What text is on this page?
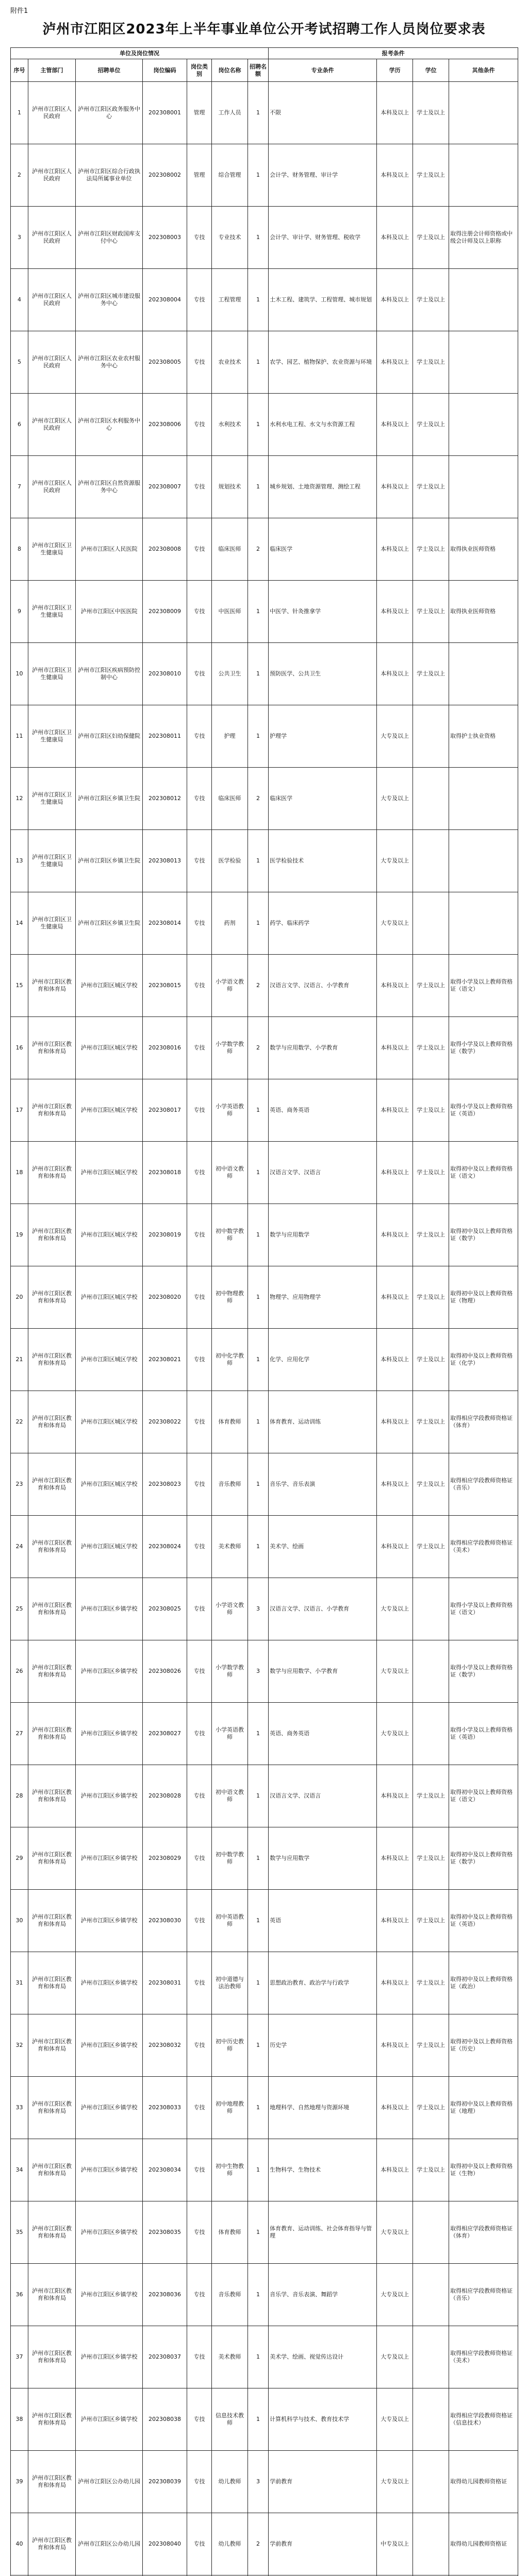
附件1
泸州市江阳区2023年上半年事业单位公开考试招聘工作人员岗位要求表
单位及岗位情况							报考条件			
序号	主管部门	招聘单位	岗位编码	岗位类别	岗位名称	招聘名额	专业条件	学历	学位	其他条件
1	泸州市江阳区人民政府	泸州市江阳区政务服务中心	202308001	管理	工作人员	1	不限	本科及以上	学士及以上	
2	泸州市江阳区人民政府	泸州市江阳区综合行政执法局所属事业单位	202308002	管理	综合管理	1	会计学、财务管理、审计学	本科及以上	学士及以上	
3	泸州市江阳区人民政府	泸州市江阳区财政国库支付中心	202308003	专技	专业技术	1	会计学、审计学、财务管理、税收学	本科及以上	学士及以上	取得注册会计师资格或中级会计师及以上职称
4	泸州市江阳区人民政府	泸州市江阳区城市建设服务中心	202308004	专技	工程管理	1	土木工程、建筑学、工程管理、城市规划	本科及以上	学士及以上	
5	泸州市江阳区人民政府	泸州市江阳区农业农村服务中心	202308005	专技	农业技术	1	农学、园艺、植物保护、农业资源与环境	本科及以上	学士及以上	
6	泸州市江阳区人民政府	泸州市江阳区水利服务中心	202308006	专技	水利技术	1	水利水电工程、水文与水资源工程	本科及以上	学士及以上	
7	泸州市江阳区人民政府	泸州市江阳区自然资源服务中心	202308007	专技	规划技术	1	城乡规划、土地资源管理、测绘工程	本科及以上	学士及以上	
8	泸州市江阳区卫生健康局	泸州市江阳区人民医院	202308008	专技	临床医师	2	临床医学	本科及以上	学士及以上	取得执业医师资格
9	泸州市江阳区卫生健康局	泸州市江阳区中医医院	202308009	专技	中医医师	1	中医学、针灸推拿学	本科及以上	学士及以上	取得执业医师资格
10	泸州市江阳区卫生健康局	泸州市江阳区疾病预防控制中心	202308010	专技	公共卫生	1	预防医学、公共卫生	本科及以上	学士及以上	
11	泸州市江阳区卫生健康局	泸州市江阳区妇幼保健院	202308011	专技	护理	1	护理学	大专及以上		取得护士执业资格
12	泸州市江阳区卫生健康局	泸州市江阳区乡镇卫生院	202308012	专技	临床医师	2	临床医学	大专及以上		
13	泸州市江阳区卫生健康局	泸州市江阳区乡镇卫生院	202308013	专技	医学检验	1	医学检验技术	大专及以上		
14	泸州市江阳区卫生健康局	泸州市江阳区乡镇卫生院	202308014	专技	药剂	1	药学、临床药学	大专及以上		
15	泸州市江阳区教育和体育局	泸州市江阳区城区学校	202308015	专技	小学语文教师	2	汉语言文学、汉语言、小学教育	本科及以上	学士及以上	取得小学及以上教师资格证（语文）
16	泸州市江阳区教育和体育局	泸州市江阳区城区学校	202308016	专技	小学数学教师	2	数学与应用数学、小学教育	本科及以上	学士及以上	取得小学及以上教师资格证（数学）
17	泸州市江阳区教育和体育局	泸州市江阳区城区学校	202308017	专技	小学英语教师	1	英语、商务英语	本科及以上	学士及以上	取得小学及以上教师资格证（英语）
18	泸州市江阳区教育和体育局	泸州市江阳区城区学校	202308018	专技	初中语文教师	1	汉语言文学、汉语言	本科及以上	学士及以上	取得初中及以上教师资格证（语文）
19	泸州市江阳区教育和体育局	泸州市江阳区城区学校	202308019	专技	初中数学教师	1	数学与应用数学	本科及以上	学士及以上	取得初中及以上教师资格证（数学）
20	泸州市江阳区教育和体育局	泸州市江阳区城区学校	202308020	专技	初中物理教师	1	物理学、应用物理学	本科及以上	学士及以上	取得初中及以上教师资格证（物理）
21	泸州市江阳区教育和体育局	泸州市江阳区城区学校	202308021	专技	初中化学教师	1	化学、应用化学	本科及以上	学士及以上	取得初中及以上教师资格证（化学）
22	泸州市江阳区教育和体育局	泸州市江阳区城区学校	202308022	专技	体育教师	1	体育教育、运动训练	本科及以上	学士及以上	取得相应学段教师资格证（体育）
23	泸州市江阳区教育和体育局	泸州市江阳区城区学校	202308023	专技	音乐教师	1	音乐学、音乐表演	本科及以上	学士及以上	取得相应学段教师资格证（音乐）
24	泸州市江阳区教育和体育局	泸州市江阳区城区学校	202308024	专技	美术教师	1	美术学、绘画	本科及以上	学士及以上	取得相应学段教师资格证（美术）
25	泸州市江阳区教育和体育局	泸州市江阳区乡镇学校	202308025	专技	小学语文教师	3	汉语言文学、汉语言、小学教育	大专及以上		取得小学及以上教师资格证（语文）
26	泸州市江阳区教育和体育局	泸州市江阳区乡镇学校	202308026	专技	小学数学教师	3	数学与应用数学、小学教育	大专及以上		取得小学及以上教师资格证（数学）
27	泸州市江阳区教育和体育局	泸州市江阳区乡镇学校	202308027	专技	小学英语教师	1	英语、商务英语	大专及以上		取得小学及以上教师资格证（英语）
28	泸州市江阳区教育和体育局	泸州市江阳区乡镇学校	202308028	专技	初中语文教师	1	汉语言文学、汉语言	本科及以上	学士及以上	取得初中及以上教师资格证（语文）
29	泸州市江阳区教育和体育局	泸州市江阳区乡镇学校	202308029	专技	初中数学教师	1	数学与应用数学	本科及以上	学士及以上	取得初中及以上教师资格证（数学）
30	泸州市江阳区教育和体育局	泸州市江阳区乡镇学校	202308030	专技	初中英语教师	1	英语	本科及以上	学士及以上	取得初中及以上教师资格证（英语）
31	泸州市江阳区教育和体育局	泸州市江阳区乡镇学校	202308031	专技	初中道德与法治教师	1	思想政治教育、政治学与行政学	本科及以上	学士及以上	取得初中及以上教师资格证（政治）
32	泸州市江阳区教育和体育局	泸州市江阳区乡镇学校	202308032	专技	初中历史教师	1	历史学	本科及以上	学士及以上	取得初中及以上教师资格证（历史）
33	泸州市江阳区教育和体育局	泸州市江阳区乡镇学校	202308033	专技	初中地理教师	1	地理科学、自然地理与资源环境	本科及以上	学士及以上	取得初中及以上教师资格证（地理）
34	泸州市江阳区教育和体育局	泸州市江阳区乡镇学校	202308034	专技	初中生物教师	1	生物科学、生物技术	本科及以上	学士及以上	取得初中及以上教师资格证（生物）
35	泸州市江阳区教育和体育局	泸州市江阳区乡镇学校	202308035	专技	体育教师	1	体育教育、运动训练、社会体育指导与管理	大专及以上		取得相应学段教师资格证（体育）
36	泸州市江阳区教育和体育局	泸州市江阳区乡镇学校	202308036	专技	音乐教师	1	音乐学、音乐表演、舞蹈学	大专及以上		取得相应学段教师资格证（音乐）
37	泸州市江阳区教育和体育局	泸州市江阳区乡镇学校	202308037	专技	美术教师	1	美术学、绘画、视觉传达设计	大专及以上		取得相应学段教师资格证（美术）
38	泸州市江阳区教育和体育局	泸州市江阳区乡镇学校	202308038	专技	信息技术教师	1	计算机科学与技术、教育技术学	大专及以上		取得相应学段教师资格证（信息技术）
39	泸州市江阳区教育和体育局	泸州市江阳区公办幼儿园	202308039	专技	幼儿教师	3	学前教育	大专及以上		取得幼儿园教师资格证
40	泸州市江阳区教育和体育局	泸州市江阳区公办幼儿园	202308040	专技	幼儿教师	2	学前教育	中专及以上		取得幼儿园教师资格证
